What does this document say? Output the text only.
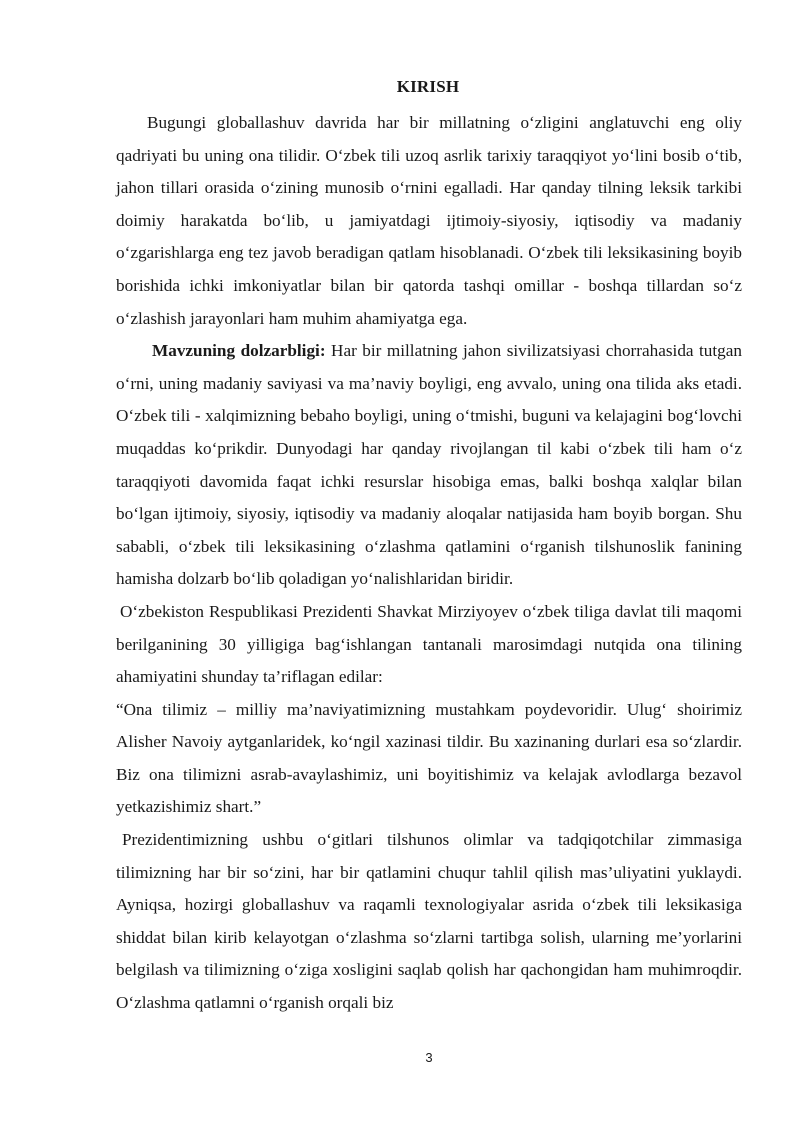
KIRISH

Bugungi globallashuv davrida har bir millatning o‘zligini anglatuvchi eng oliy qadriyati bu uning ona tilidir. O‘zbek tili uzoq asrlik tarixiy taraqqiyot yo‘lini bosib o‘tib, jahon tillari orasida o‘zining munosib o‘rnini egalladi. Har qanday tilning leksik tarkibi doimiy harakatda bo‘lib, u jamiyatdagi ijtimoiy-siyosiy, iqtisodiy va madaniy o‘zgarishlarga eng tez javob beradigan qatlam hisoblanadi. O‘zbek tili leksikasining boyib borishida ichki imkoniyatlar bilan bir qatorda tashqi omillar - boshqa tillardan so‘z o‘zlashish jarayonlari ham muhim ahamiyatga ega.

Mavzuning dolzarbligi: Har bir millatning jahon sivilizatsiyasi chorrahasida tutgan o‘rni, uning madaniy saviyasi va ma’naviy boyligi, eng avvalo, uning ona tilida aks etadi. O‘zbek tili - xalqimizning bebaho boyligi, uning o‘tmishi, buguni va kelajagini bog‘lovchi muqaddas ko‘prikdir. Dunyodagi har qanday rivojlangan til kabi o‘zbek tili ham o‘z taraqqiyoti davomida faqat ichki resurslar hisobiga emas, balki boshqa xalqlar bilan bo‘lgan ijtimoiy, siyosiy, iqtisodiy va madaniy aloqalar natijasida ham boyib borgan. Shu sababli, o‘zbek tili leksikasining o‘zlashma qatlamini o‘rganish tilshunoslik fanining hamisha dolzarb bo‘lib qoladigan yo‘nalishlaridan biridir.

O‘zbekiston Respublikasi Prezidenti Shavkat Mirziyoyev o‘zbek tiliga davlat tili maqomi berilganining 30 yilligiga bag‘ishlangan tantanali marosimdagi nutqida ona tilining ahamiyatini shunday ta’riflagan edilar:

“Ona tilimiz – milliy ma’naviyatimizning mustahkam poydevoridir. Ulug‘ shoirimiz Alisher Navoiy aytganlaridek, ko‘ngil xazinasi tildir. Bu xazinaning durlari esa so‘zlardir. Biz ona tilimizni asrab-avaylashimiz, uni boyitishimiz va kelajak avlodlarga bezavol yetkazishimiz shart.”

Prezidentimizning ushbu o‘gitlari tilshunos olimlar va tadqiqotchilar zimmasiga tilimizning har bir so‘zini, har bir qatlamini chuqur tahlil qilish mas’uliyatini yuklaydi. Ayniqsa, hozirgi globallashuv va raqamli texnologiyalar asrida o‘zbek tili leksikasiga shiddat bilan kirib kelayotgan o‘zlashma so‘zlarni tartibga solish, ularning me’yorlarini belgilash va tilimizning o‘ziga xosligini saqlab qolish har qachongidan ham muhimroqdir. O‘zlashma qatlamni o‘rganish orqali biz

3
